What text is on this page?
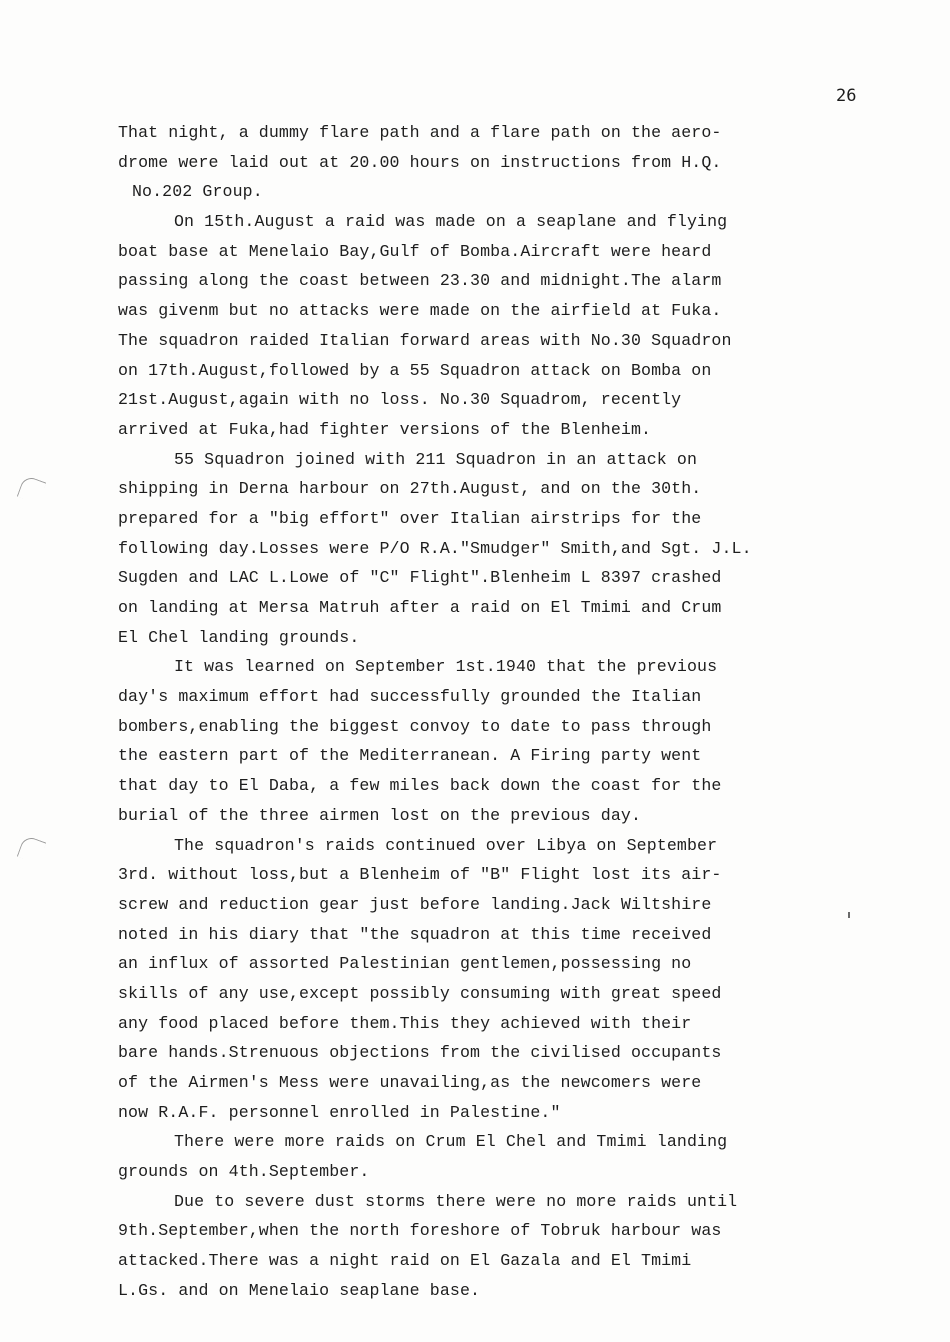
26
That night, a dummy flare path and a flare path on the aero-
drome were laid out at 20.00 hours on instructions from H.Q.
No.202 Group.
On 15th.August a raid was made on a seaplane and flying
boat base at Menelaio Bay,Gulf of Bomba.Aircraft were heard
passing along the coast between 23.30 and midnight.The alarm
was givenm but no attacks were made on the airfield at Fuka.
The squadron raided Italian forward areas with No.30 Squadron
on 17th.August,followed by a 55 Squadron attack on Bomba on
21st.August,again with no loss. No.30 Squadrom, recently
arrived at Fuka,had fighter versions of the Blenheim.
55 Squadron joined with 211 Squadron in an attack on
shipping in Derna harbour on 27th.August, and on the 30th.
prepared for a "big effort" over Italian airstrips for the
following day.Losses were P/O R.A."Smudger" Smith,and Sgt. J.L.
Sugden and LAC L.Lowe of "C" Flight".Blenheim L 8397 crashed
on landing at Mersa Matruh after a raid on El Tmimi and Crum
El Chel landing grounds.
It was learned on September 1st.1940 that the previous
day's maximum effort had successfully grounded the Italian
bombers,enabling the biggest convoy to date to pass through
the eastern part of the Mediterranean. A Firing party went
that day to El Daba, a few miles back down the coast for the
burial of the three airmen lost on the previous day.
The squadron's raids continued over Libya on September
3rd. without loss,but a Blenheim of "B" Flight lost its air-
screw and reduction gear just before landing.Jack Wiltshire
noted in his diary that "the squadron at this time received
an influx of assorted Palestinian gentlemen,possessing no
skills of any use,except possibly consuming with great speed
any food placed before them.This they achieved with their
bare hands.Strenuous objections from the civilised occupants
of the Airmen's Mess were unavailing,as the newcomers were
now R.A.F. personnel enrolled in Palestine."
There were more raids on Crum El Chel and Tmimi landing
grounds on 4th.September.
Due to severe dust storms there were no more raids until
9th.September,when the north foreshore of Tobruk harbour was
attacked.There was a night raid on El Gazala and El Tmimi
L.Gs. and on Menelaio seaplane base.
